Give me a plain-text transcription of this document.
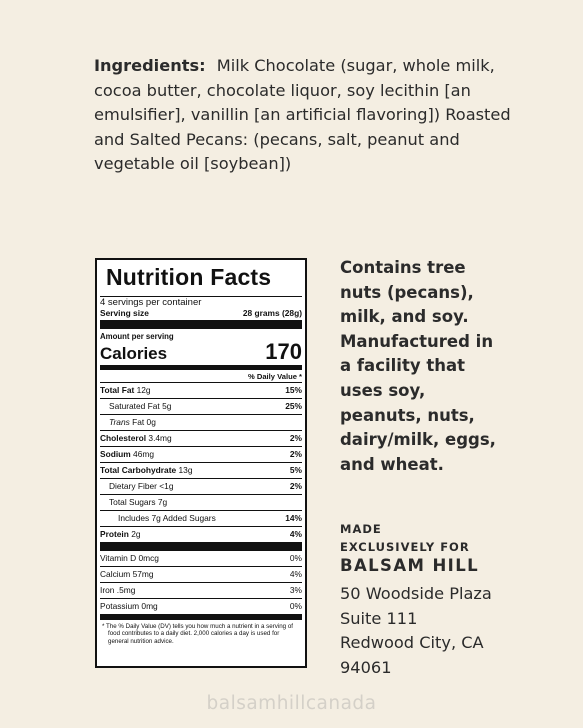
Ingredients: Milk Chocolate (sugar, whole milk, cocoa butter, chocolate liquor, soy lecithin [an emulsifier], vanillin [an artificial flavoring]) Roasted and Salted Pecans: (pecans, salt, peanut and vegetable oil [soybean])
Nutrition Facts
4 servings per container
Serving size	28 grams (28g)
Amount per serving
Calories	170
% Daily Value *
Total Fat 12g	15%
Saturated Fat 5g	25%
Trans Fat 0g
Cholesterol 3.4mg	2%
Sodium 46mg	2%
Total Carbohydrate 13g	5%
Dietary Fiber <1g	2%
Total Sugars 7g
Includes 7g Added Sugars	14%
Protein 2g	4%
Vitamin D 0mcg	0%
Calcium 57mg	4%
Iron .5mg	3%
Potassium 0mg	0%
* The % Daily Value (DV) tells you how much a nutrient in a serving of food contributes to a daily diet. 2,000 calories a day is used for general nutrition advice.
Contains tree nuts (pecans), milk, and soy. Manufactured in a facility that uses soy, peanuts, nuts, dairy/milk, eggs, and wheat.
MADE
EXCLUSIVELY FOR
BALSAM HILL
50 Woodside Plaza
Suite 111
Redwood City, CA
94061
balsamhillcanada
